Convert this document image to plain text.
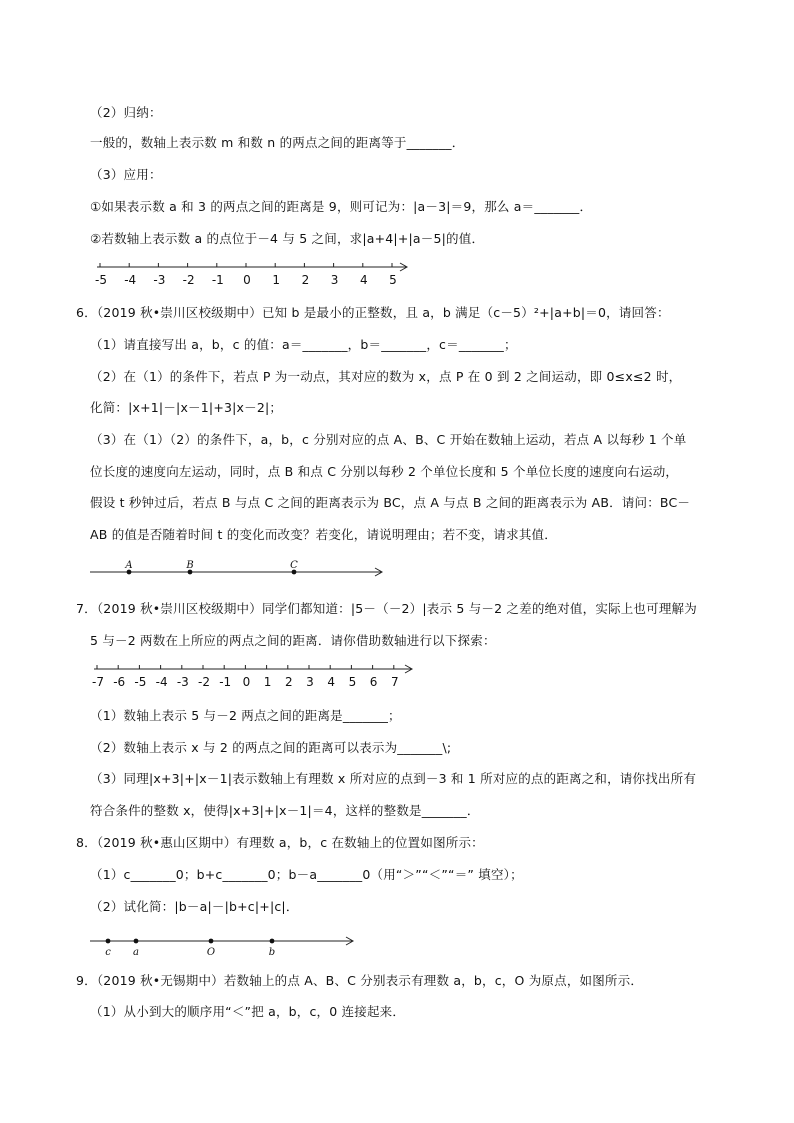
（2）归纳：
一般的，数轴上表示数 m 和数 n 的两点之间的距离等于_______．
（3）应用：
①如果表示数 a 和 3 的两点之间的距离是 9，则可记为：|a－3|＝9，那么 a＝_______．
②若数轴上表示数 a 的点位于－4 与 5 之间，求|a+4|+|a－5|的值．
-5 -4 -3 -2 -1 0 1 2 3 4 5
6．（2019 秋•崇川区校级期中）已知 b 是最小的正整数，且 a，b 满足（c－5）²+|a+b|＝0，请回答：
（1）请直接写出 a，b，c 的值：a＝_______，b＝_______，c＝_______；
（2）在（1）的条件下，若点 P 为一动点，其对应的数为 x，点 P 在 0 到 2 之间运动，即 0≤x≤2 时，
化简：|x+1|－|x－1|+3|x－2|；
（3）在（1）（2）的条件下，a，b，c 分别对应的点 A、B、C 开始在数轴上运动，若点 A 以每秒 1 个单
位长度的速度向左运动，同时，点 B 和点 C 分别以每秒 2 个单位长度和 5 个单位长度的速度向右运动，
假设 t 秒钟过后，若点 B 与点 C 之间的距离表示为 BC，点 A 与点 B 之间的距离表示为 AB．请问：BC－
AB 的值是否随着时间 t 的变化而改变？若变化，请说明理由；若不变，请求其值．
A	B	C
7．（2019 秋•崇川区校级期中）同学们都知道：|5－（－2）|表示 5 与－2 之差的绝对值，实际上也可理解为
5 与－2 两数在上所应的两点之间的距离．请你借助数轴进行以下探索：
-7 -6 -5 -4 -3 -2 -1 0 1 2 3 4 5 6 7
（1）数轴上表示 5 与－2 两点之间的距离是_______；
（2）数轴上表示 x 与 2 的两点之间的距离可以表示为_______\;
（3）同理|x+3|+|x－1|表示数轴上有理数 x 所对应的点到－3 和 1 所对应的点的距离之和，请你找出所有
符合条件的整数 x，使得|x+3|+|x－1|＝4，这样的整数是_______．
8．（2019 秋•惠山区期中）有理数 a，b，c 在数轴上的位置如图所示：
（1）c_______0；b+c_______0；b－a_______0（用“＞”“＜”“＝” 填空）；
（2）试化简：|b－a|－|b+c|+|c|．
c a	O	b
9．（2019 秋•无锡期中）若数轴上的点 A、B、C 分别表示有理数 a，b，c，O 为原点，如图所示．
（1）从小到大的顺序用“＜”把 a，b，c，0 连接起来．
